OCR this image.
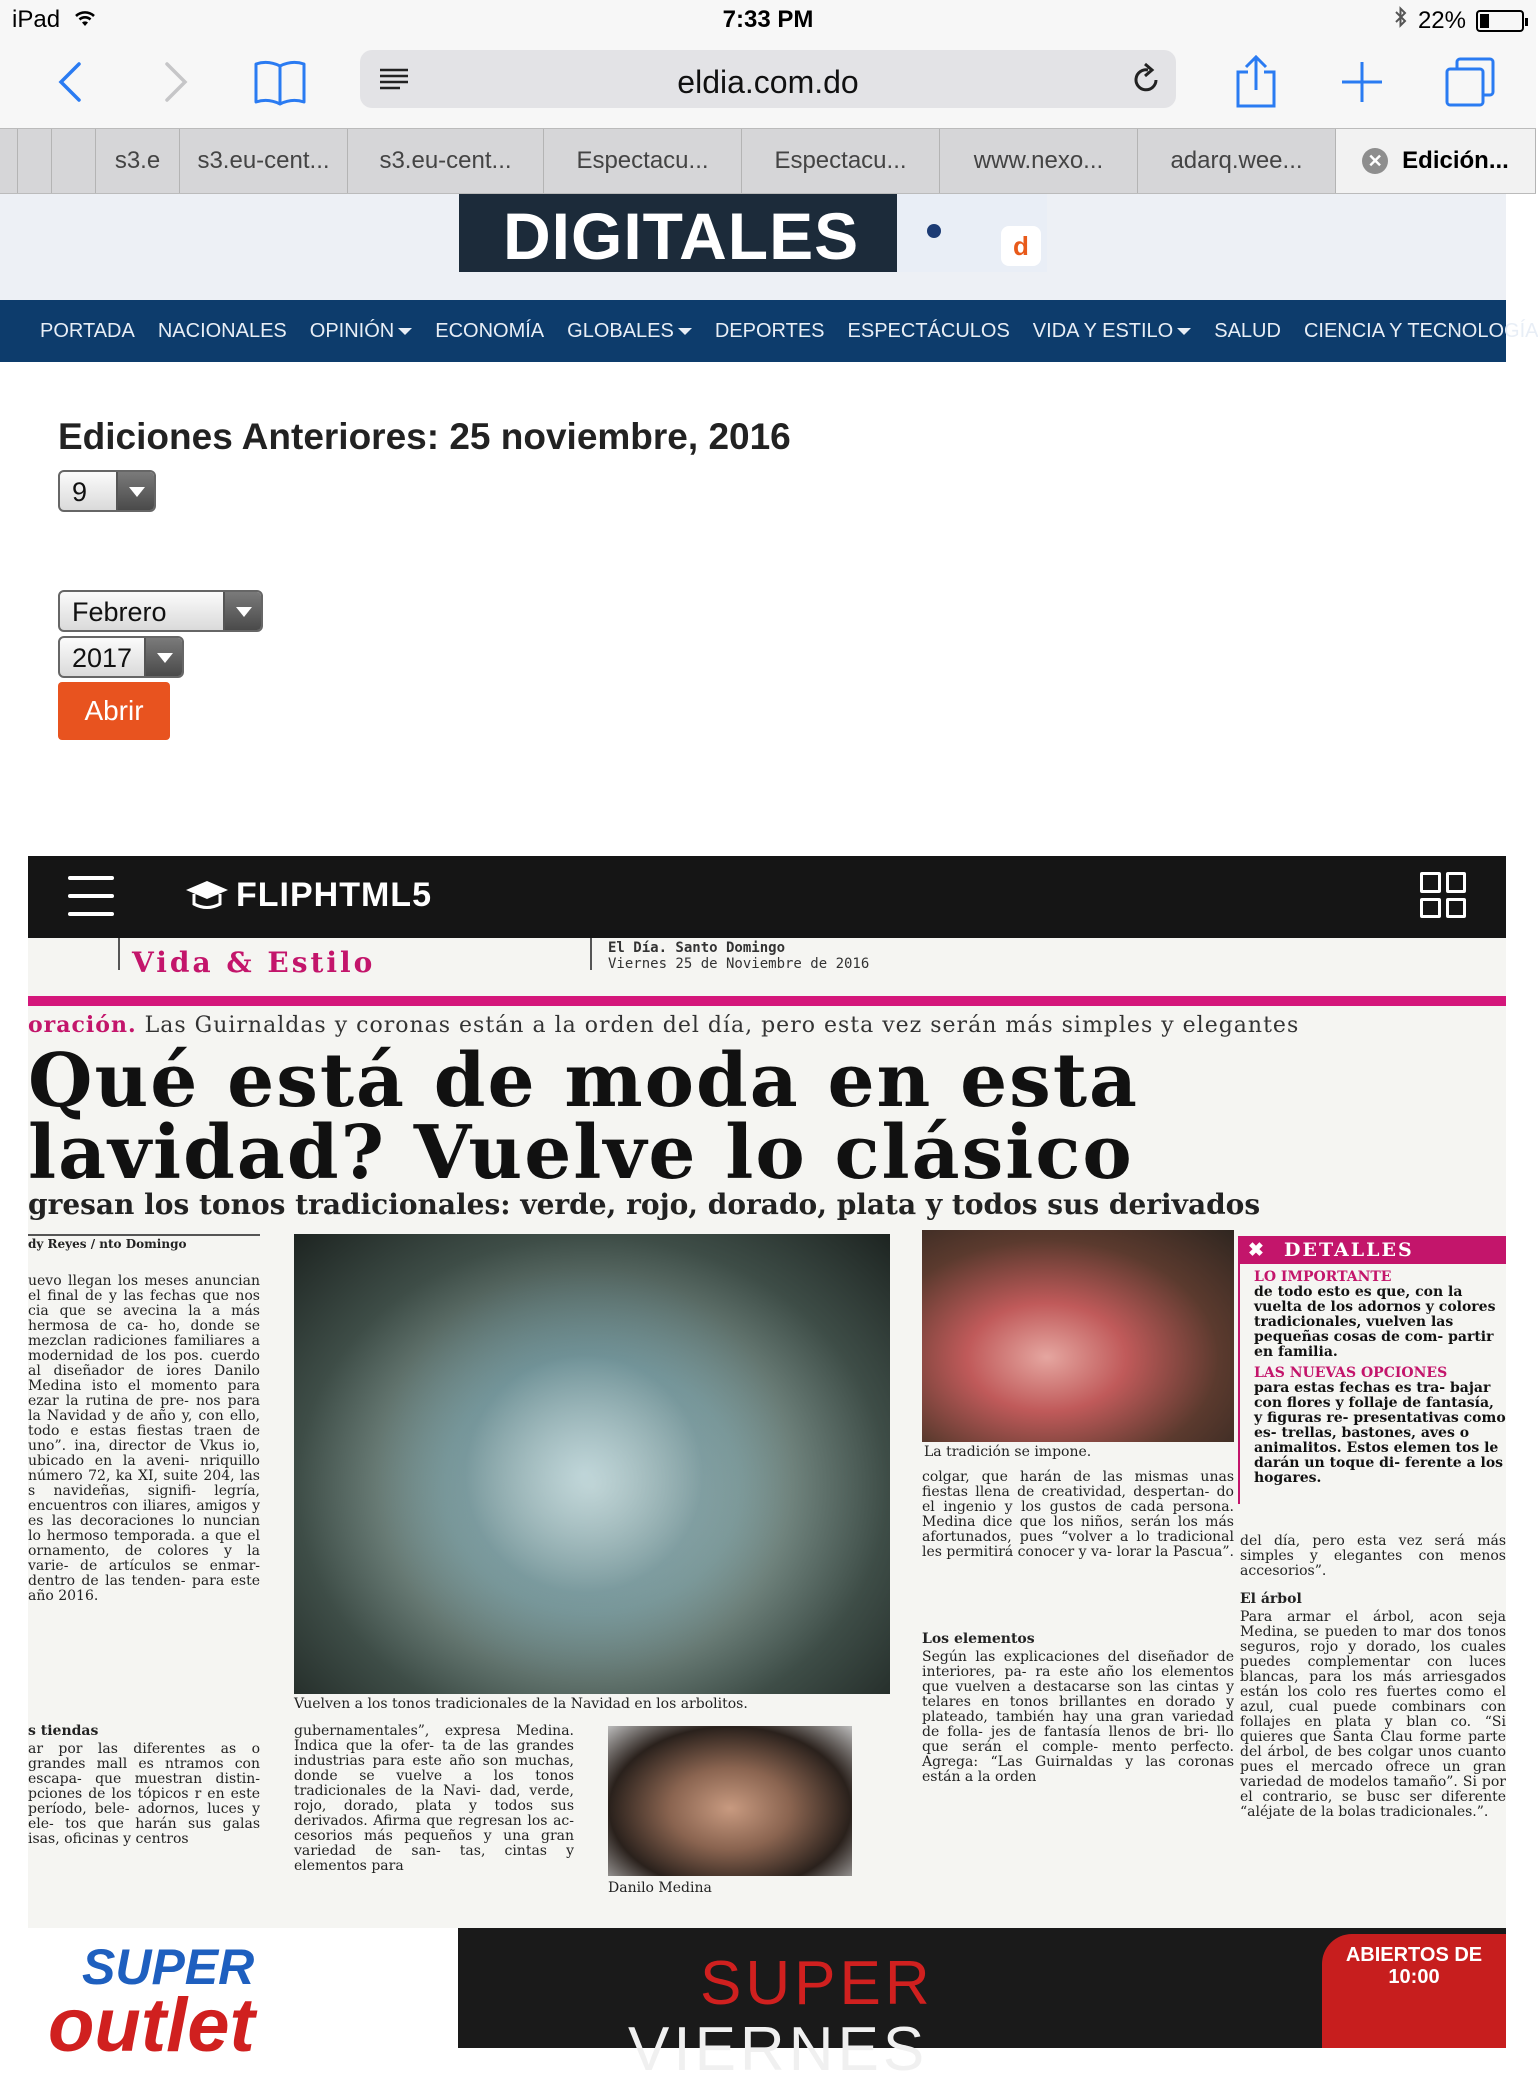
iPad	7:33 PM	22%
eldia.com.do
s3.e s3.eu-cent... s3.eu-cent...	Espectacu...	Espectacu...	www.nexo...	adarq.wee...	✕ Edición...
DIGITALES	d
PORTADA NACIONALES OPINIÓN	ECONOMÍA GLOBALES	DEPORTES ESPECTÁCULOS VIDA Y ESTILO	SALUD CIENCIA Y TECNOLOGÍA
Ediciones Anteriores: 25 noviembre, 2016
9
Febrero
2017
Abrir
FLIPHTML5
Vida & Estilo	El Día. Santo Domingo
Viernes 25 de Noviembre de 2016
oración. Las Guirnaldas y coronas están a la orden del día, pero esta vez serán más simples y elegantes
Qué está de moda en esta
lavidad? Vuelve lo clásico
gresan los tonos tradicionales: verde, rojo, dorado, plata y todos sus derivados
dy Reyes / nto Domingo
uevo llegan los meses anuncian el final de y las fechas que nos cia que se avecina la a más hermosa de ca- ho, donde se mezclan radiciones familiares a modernidad de los pos. cuerdo al diseñador de iores Danilo Medina isto el momento para ezar la rutina de pre- nos para la Navidad y de año y, con ello, todo e estas fiestas traen de uno”. ina, director de Vkus io, ubicado en la aveni- nriquillo número 72, ka XI, suite 204, las s navideñas, signifi- legría, encuentros con iliares, amigos y es las decoraciones lo nuncian lo hermoso temporada. a que el ornamento, de colores y la varie- de artículos se enmar- dentro de las tenden- para este año 2016.
s tiendas
ar por las diferentes as o grandes mall es ntramos con escapa- que muestran distin- pciones de los tópicos r en este período, bele- adornos, luces y ele- tos que harán sus galas isas, oficinas y centros
Vuelven a los tonos tradicionales de la Navidad en los arbolitos.
gubernamentales”, expresa Medina. Indica que la ofer- ta de las grandes industrias para este año son muchas, donde se vuelve a los tonos tradicionales de la Navi- dad, verde, rojo, dorado, plata y todos sus derivados. Afirma que regresan los ac- cesorios más pequeños y una gran variedad de san- tas, cintas y elementos para
Danilo Medina
La tradición se impone.
colgar, que harán de las mismas unas fiestas llena de creatividad, despertan- do el ingenio y los gustos de cada persona. Medina dice que los niños, serán los más afortunados, pues “volver a lo tradicional les permitirá conocer y va- lorar la Pascua”.
Los elementos
Según las explicaciones del diseñador de interiores, pa- ra este año los elementos que vuelven a destacarse son las cintas y telares en tonos brillantes en dorado y plateado, también hay una gran variedad de folla- jes de fantasía llenos de bri- llo que serán el comple- mento perfecto. Agrega: “Las Guirnaldas y las coronas están a la orden
✖ DETALLES
LO IMPORTANTE
de todo esto es que, con la vuelta de los adornos y colores tradicionales, vuelven las pequeñas cosas de com- partir en familia.
LAS NUEVAS OPCIONES
para estas fechas es tra- bajar con flores y follaje de fantasía, y figuras re- presentativas como es- trellas, bastones, aves o animalitos. Estos elemen tos le darán un toque di- ferente a los hogares.
del día, pero esta vez será más simples y elegantes con menos accesorios”.
El árbol
Para armar el árbol, acon seja Medina, se pueden to mar dos tonos seguros, rojo y dorado, los cuales puedes complementar con luces blancas, para los más arriesgados están los colo res fuertes como el azul, cual puede combinars con follajes en plata y blan co. “Si quieres que Santa Clau forme parte del árbol, de bes colgar unos cuanto pues el mercado ofrece un gran variedad de modelos tamaño”. Si por el contrario, se busc ser diferente “aléjate de la bolas tradicionales.”.
SUPER
outlet	SUPER
VIERNES
ABIERTOS DE 10:00
